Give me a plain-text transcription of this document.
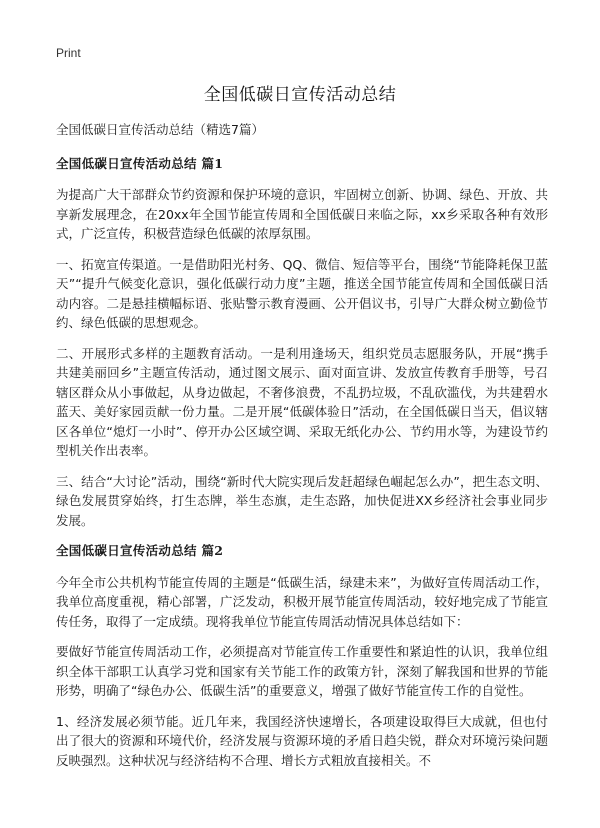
Print
全国低碳日宣传活动总结

全国低碳日宣传活动总结（精选7篇）

全国低碳日宣传活动总结 篇1

为提高广大干部群众节约资源和保护环境的意识，牢固树立创新、协调、绿色、开放、共享新发展理念，在20xx年全国节能宣传周和全国低碳日来临之际，xx乡采取各种有效形式，广泛宣传，积极营造绿色低碳的浓厚氛围。

一、拓宽宣传渠道。一是借助阳光村务、QQ、微信、短信等平台，围绕“节能降耗保卫蓝天”“提升气候变化意识，强化低碳行动力度”主题，推送全国节能宣传周和全国低碳日活动内容。二是悬挂横幅标语、张贴警示教育漫画、公开倡议书，引导广大群众树立勤俭节约、绿色低碳的思想观念。

二、开展形式多样的主题教育活动。一是利用逢场天，组织党员志愿服务队，开展“携手共建美丽回乡”主题宣传活动，通过图文展示、面对面宣讲、发放宣传教育手册等，号召辖区群众从小事做起，从身边做起，不奢侈浪费，不乱扔垃圾，不乱砍滥伐，为共建碧水蓝天、美好家园贡献一份力量。二是开展“低碳体验日”活动，在全国低碳日当天，倡议辖区各单位“熄灯一小时”、停开办公区域空调、采取无纸化办公、节约用水等，为建设节约型机关作出表率。

三、结合“大讨论”活动，围绕“新时代大院实现后发赶超绿色崛起怎么办”，把生态文明、绿色发展贯穿始终，打生态牌，举生态旗，走生态路，加快促进XX乡经济社会事业同步发展。

全国低碳日宣传活动总结 篇2

今年全市公共机构节能宣传周的主题是“低碳生活，绿建未来”，为做好宣传周活动工作，我单位高度重视，精心部署，广泛发动，积极开展节能宣传周活动，较好地完成了节能宣传任务，取得了一定成绩。现将我单位节能宣传周活动情况具体总结如下：

要做好节能宣传周活动工作，必须提高对节能宣传工作重要性和紧迫性的认识，我单位组织全体干部职工认真学习党和国家有关节能工作的政策方针，深刻了解我国和世界的节能形势，明确了“绿色办公、低碳生活”的重要意义，增强了做好节能宣传工作的自觉性。

1、经济发展必须节能。近几年来，我国经济快速增长，各项建设取得巨大成就，但也付出了很大的资源和环境代价，经济发展与资源环境的矛盾日趋尖锐，群众对环境污染问题反映强烈。这种状况与经济结构不合理、增长方式粗放直接相关。不
